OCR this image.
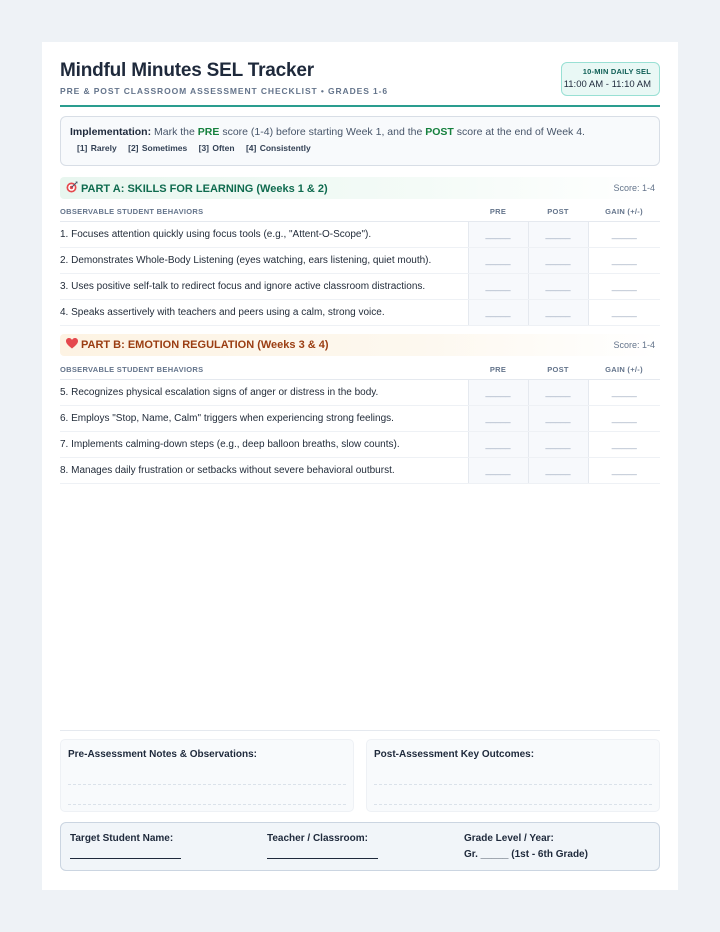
Mindful Minutes SEL Tracker
PRE & POST CLASSROOM ASSESSMENT CHECKLIST • GRADES 1-6
10-MIN DAILY SEL
11:00 AM - 11:10 AM
Implementation: Mark the PRE score (1-4) before starting Week 1, and the POST score at the end of Week 4.
[1] Rarely [2] Sometimes [3] Often [4] Consistently
PART A: SKILLS FOR LEARNING (Weeks 1 & 2)	Score: 1-4
OBSERVABLE STUDENT BEHAVIORS	PRE	POST	GAIN (+/-)
1. Focuses attention quickly using focus tools (e.g., "Attent-O-Scope").	_____	_____	_____
2. Demonstrates Whole-Body Listening (eyes watching, ears listening, quiet mouth).	_____	_____	_____
3. Uses positive self-talk to redirect focus and ignore active classroom distractions.	_____	_____	_____
4. Speaks assertively with teachers and peers using a calm, strong voice.	_____	_____	_____
PART B: EMOTION REGULATION (Weeks 3 & 4)	Score: 1-4
OBSERVABLE STUDENT BEHAVIORS	PRE	POST	GAIN (+/-)
5. Recognizes physical escalation signs of anger or distress in the body.	_____	_____	_____
6. Employs "Stop, Name, Calm" triggers when experiencing strong feelings.	_____	_____	_____
7. Implements calming-down steps (e.g., deep balloon breaths, slow counts).	_____	_____	_____
8. Manages daily frustration or setbacks without severe behavioral outburst.	_____	_____	_____
Pre-Assessment Notes & Observations:	Post-Assessment Key Outcomes:
Target Student Name:	Teacher / Classroom:	Grade Level / Year:
Gr. _____ (1st - 6th Grade)
